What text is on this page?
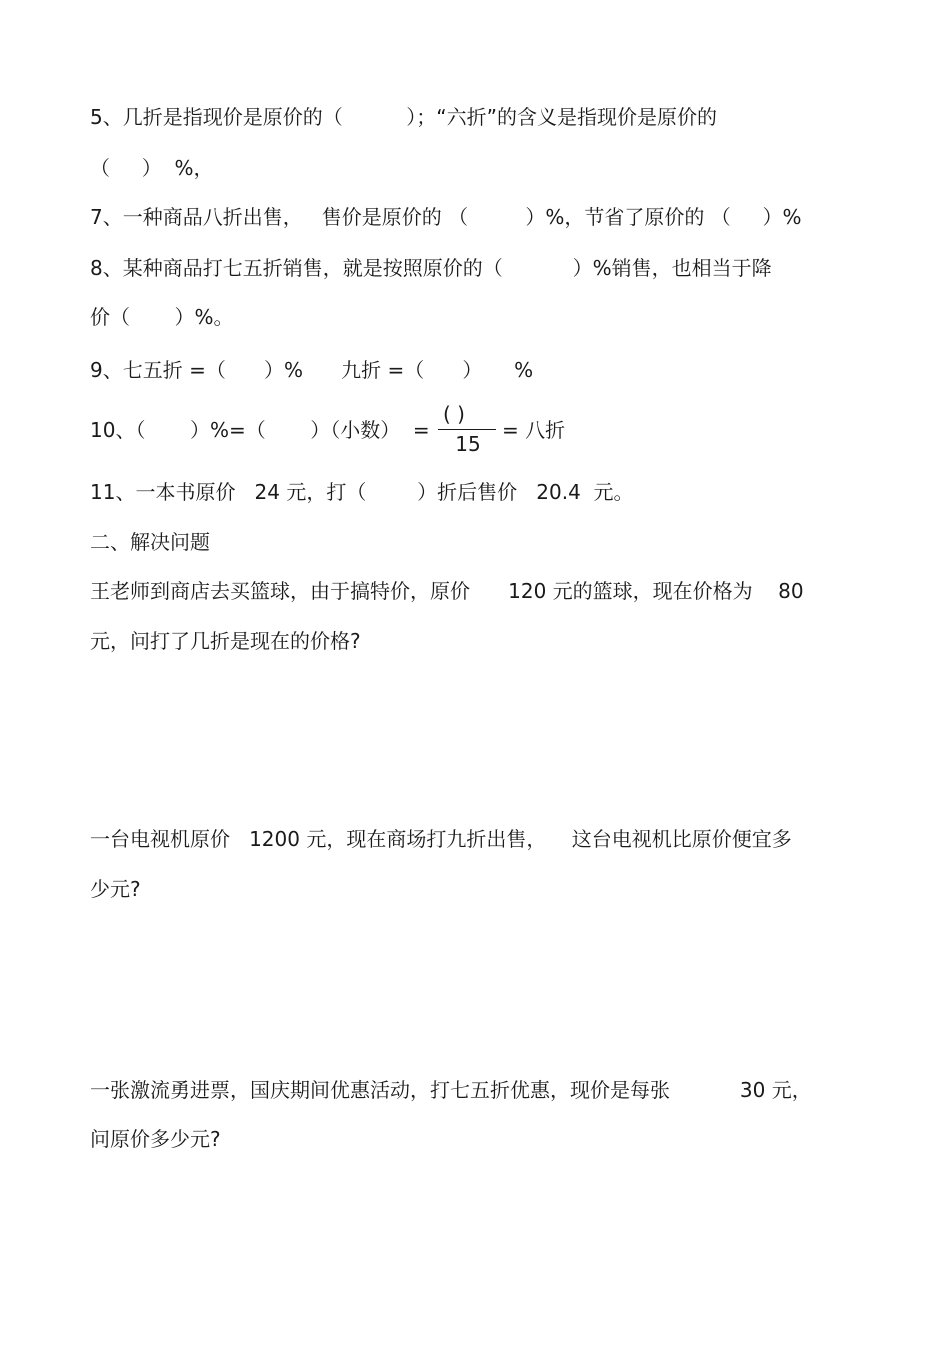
5、几折是指现价是原价的（          ）；“六折”的含义是指现价是原价的
（     ）  %，
7、一种商品八折出售，   售价是原价的 （         ）%，节省了原价的 （     ）%
8、某种商品打七五折销售，就是按照原价的（           ）%销售，也相当于降
价（       ）%。
9、七五折 =（      ）%      九折 =（      ）     %
10、（       ）%=（       ）（小数）  =
( )
15
= 八折
11、一本书原价   24 元，打（        ）折后售价   20.4  元。
二、解决问题
王老师到商店去买篮球，由于搞特价，原价      120 元的篮球，现在价格为    80
元，问打了几折是现在的价格?
一台电视机原价   1200 元，现在商场打九折出售，    这台电视机比原价便宜多
少元?
一张激流勇进票，国庆期间优惠活动，打七五折优惠，现价是每张           30 元，
问原价多少元?
